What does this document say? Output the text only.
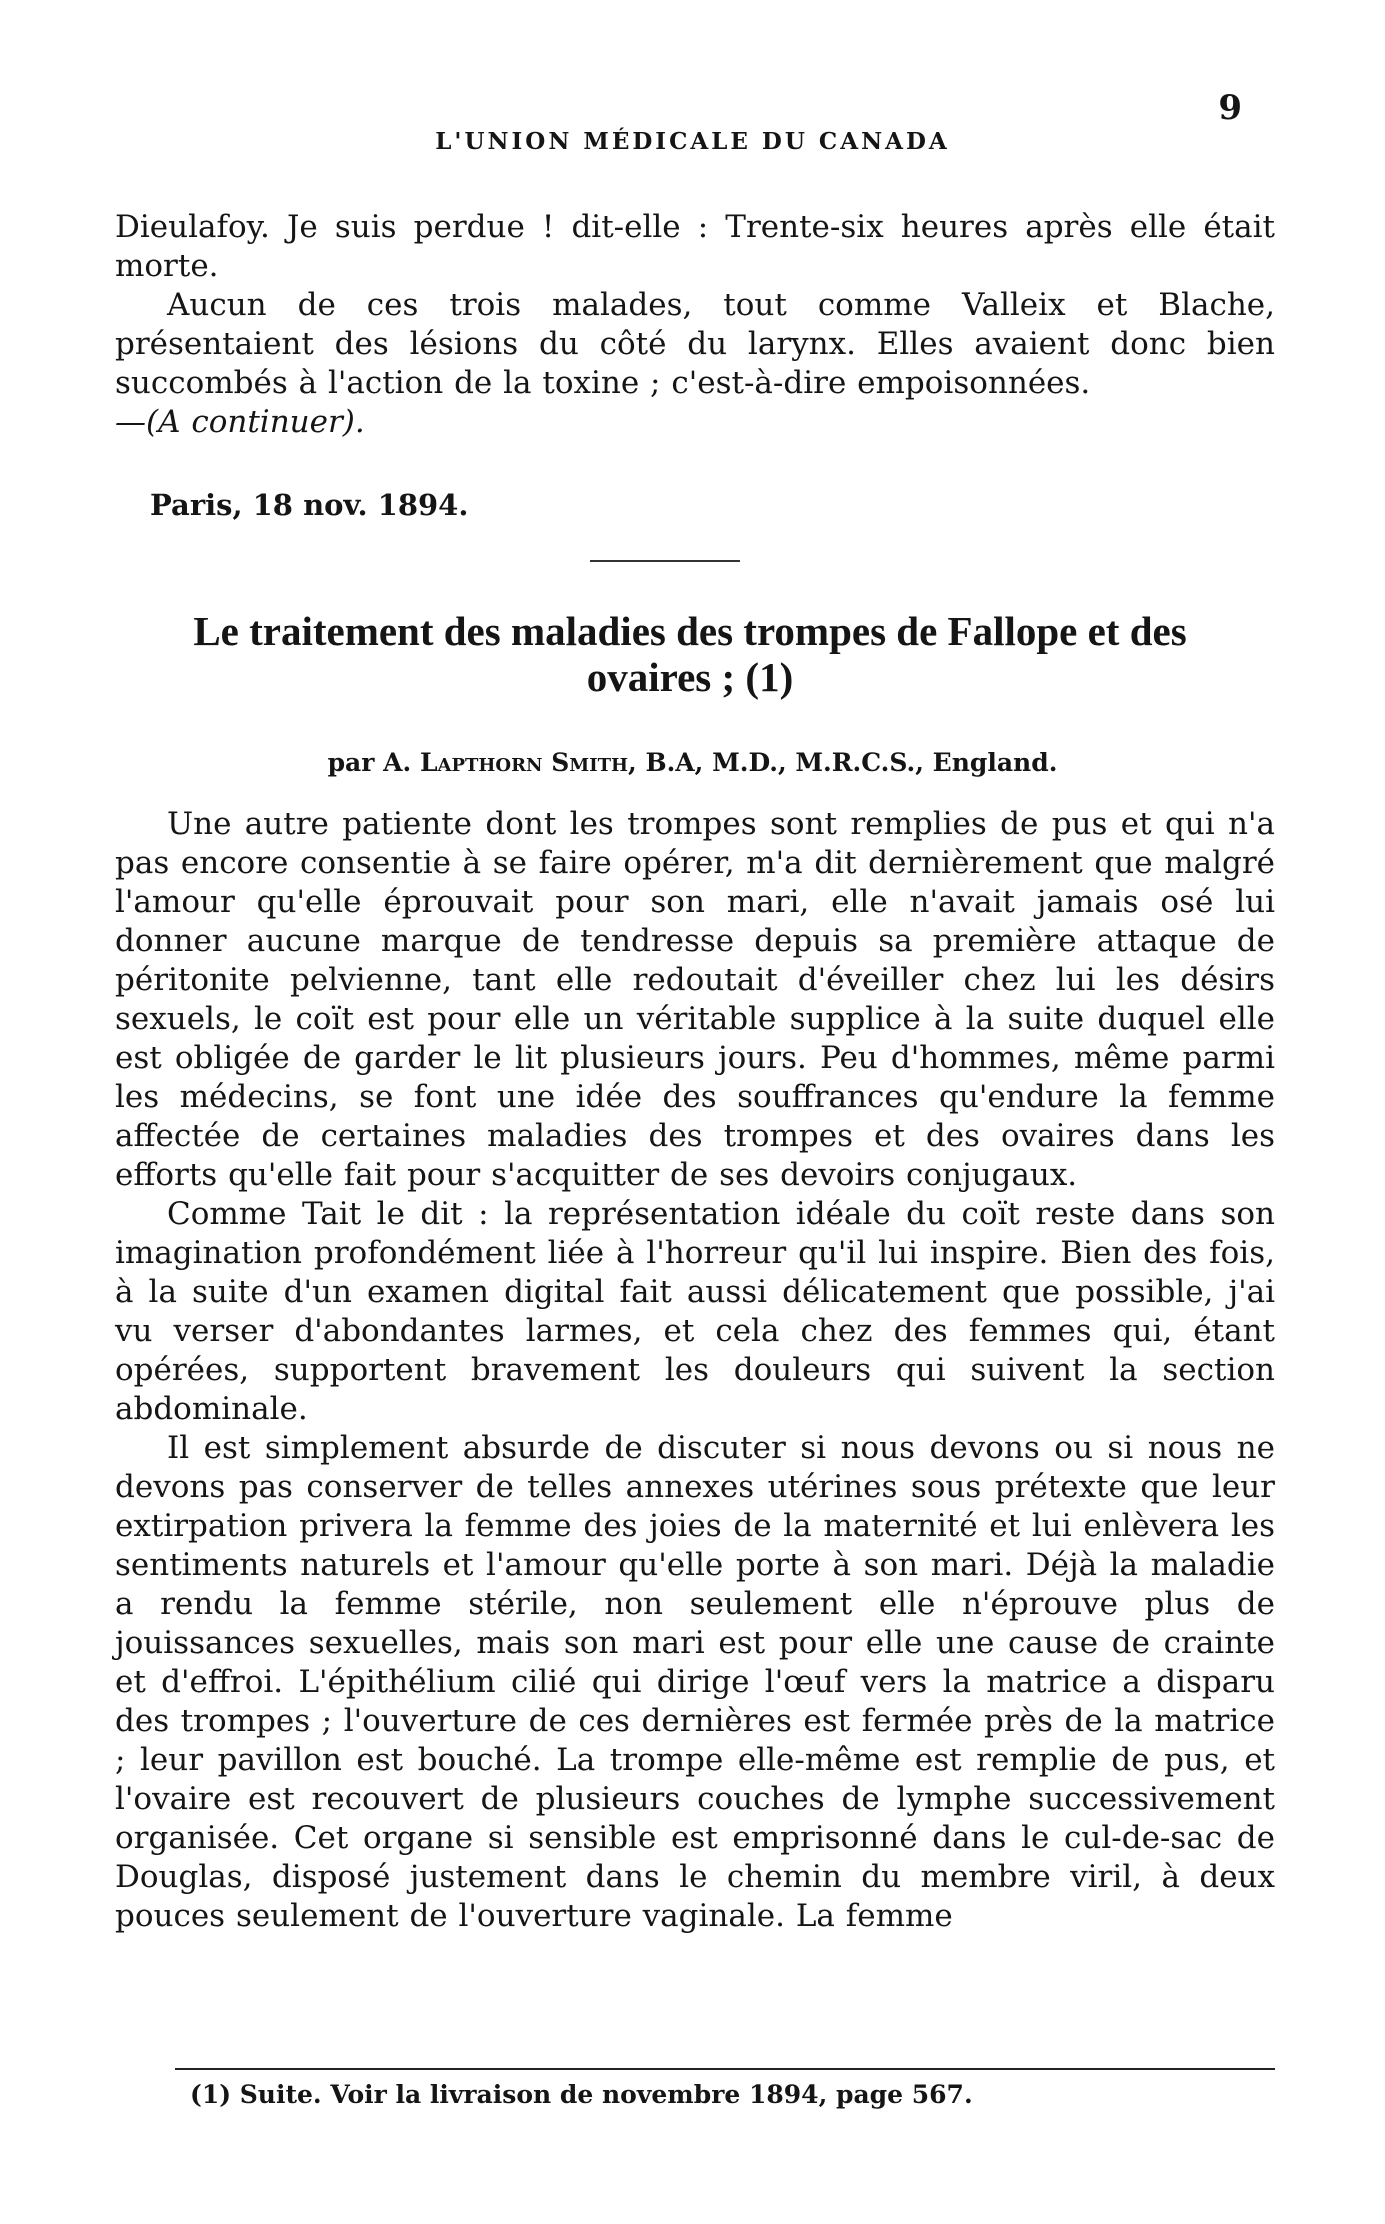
L'UNION MÉDICALE DU CANADA
9

Dieulafoy. Je suis perdue ! dit-elle : Trente-six heures après elle était morte.

Aucun de ces trois malades, tout comme Valleix et Blache, présentaient des lésions du côté du larynx. Elles avaient donc bien succombés à l'action de la toxine ; c'est-à-dire empoisonnées.

—(A continuer).

Paris, 18 nov. 1894.
Le traitement des maladies des trompes de Fallope et des ovaires ; (1)
par A. Lapthorn Smith, B.A, M.D., M.R.C.S., England.

Une autre patiente dont les trompes sont remplies de pus et qui n'a pas encore consentie à se faire opérer, m'a dit dernièrement que malgré l'amour qu'elle éprouvait pour son mari, elle n'avait jamais osé lui donner aucune marque de tendresse depuis sa première attaque de péritonite pelvienne, tant elle redoutait d'éveiller chez lui les désirs sexuels, le coït est pour elle un véritable supplice à la suite duquel elle est obligée de garder le lit plusieurs jours. Peu d'hommes, même parmi les médecins, se font une idée des souffrances qu'endure la femme affectée de certaines maladies des trompes et des ovaires dans les efforts qu'elle fait pour s'acquitter de ses devoirs conjugaux.

Comme Tait le dit : la représentation idéale du coït reste dans son imagination profondément liée à l'horreur qu'il lui inspire. Bien des fois, à la suite d'un examen digital fait aussi délicatement que possible, j'ai vu verser d'abondantes larmes, et cela chez des femmes qui, étant opérées, supportent bravement les douleurs qui suivent la section abdominale.

Il est simplement absurde de discuter si nous devons ou si nous ne devons pas conserver de telles annexes utérines sous prétexte que leur extirpation privera la femme des joies de la maternité et lui enlèvera les sentiments naturels et l'amour qu'elle porte à son mari. Déjà la maladie a rendu la femme stérile, non seulement elle n'éprouve plus de jouissances sexuelles, mais son mari est pour elle une cause de crainte et d'effroi. L'épithélium cilié qui dirige l'œuf vers la matrice a disparu des trompes ; l'ouverture de ces dernières est fermée près de la matrice ; leur pavillon est bouché. La trompe elle-même est remplie de pus, et l'ovaire est recouvert de plusieurs couches de lymphe successivement organisée. Cet organe si sensible est emprisonné dans le cul-de-sac de Douglas, disposé justement dans le chemin du membre viril, à deux pouces seulement de l'ouverture vaginale. La femme

(1) Suite. Voir la livraison de novembre 1894, page 567.
